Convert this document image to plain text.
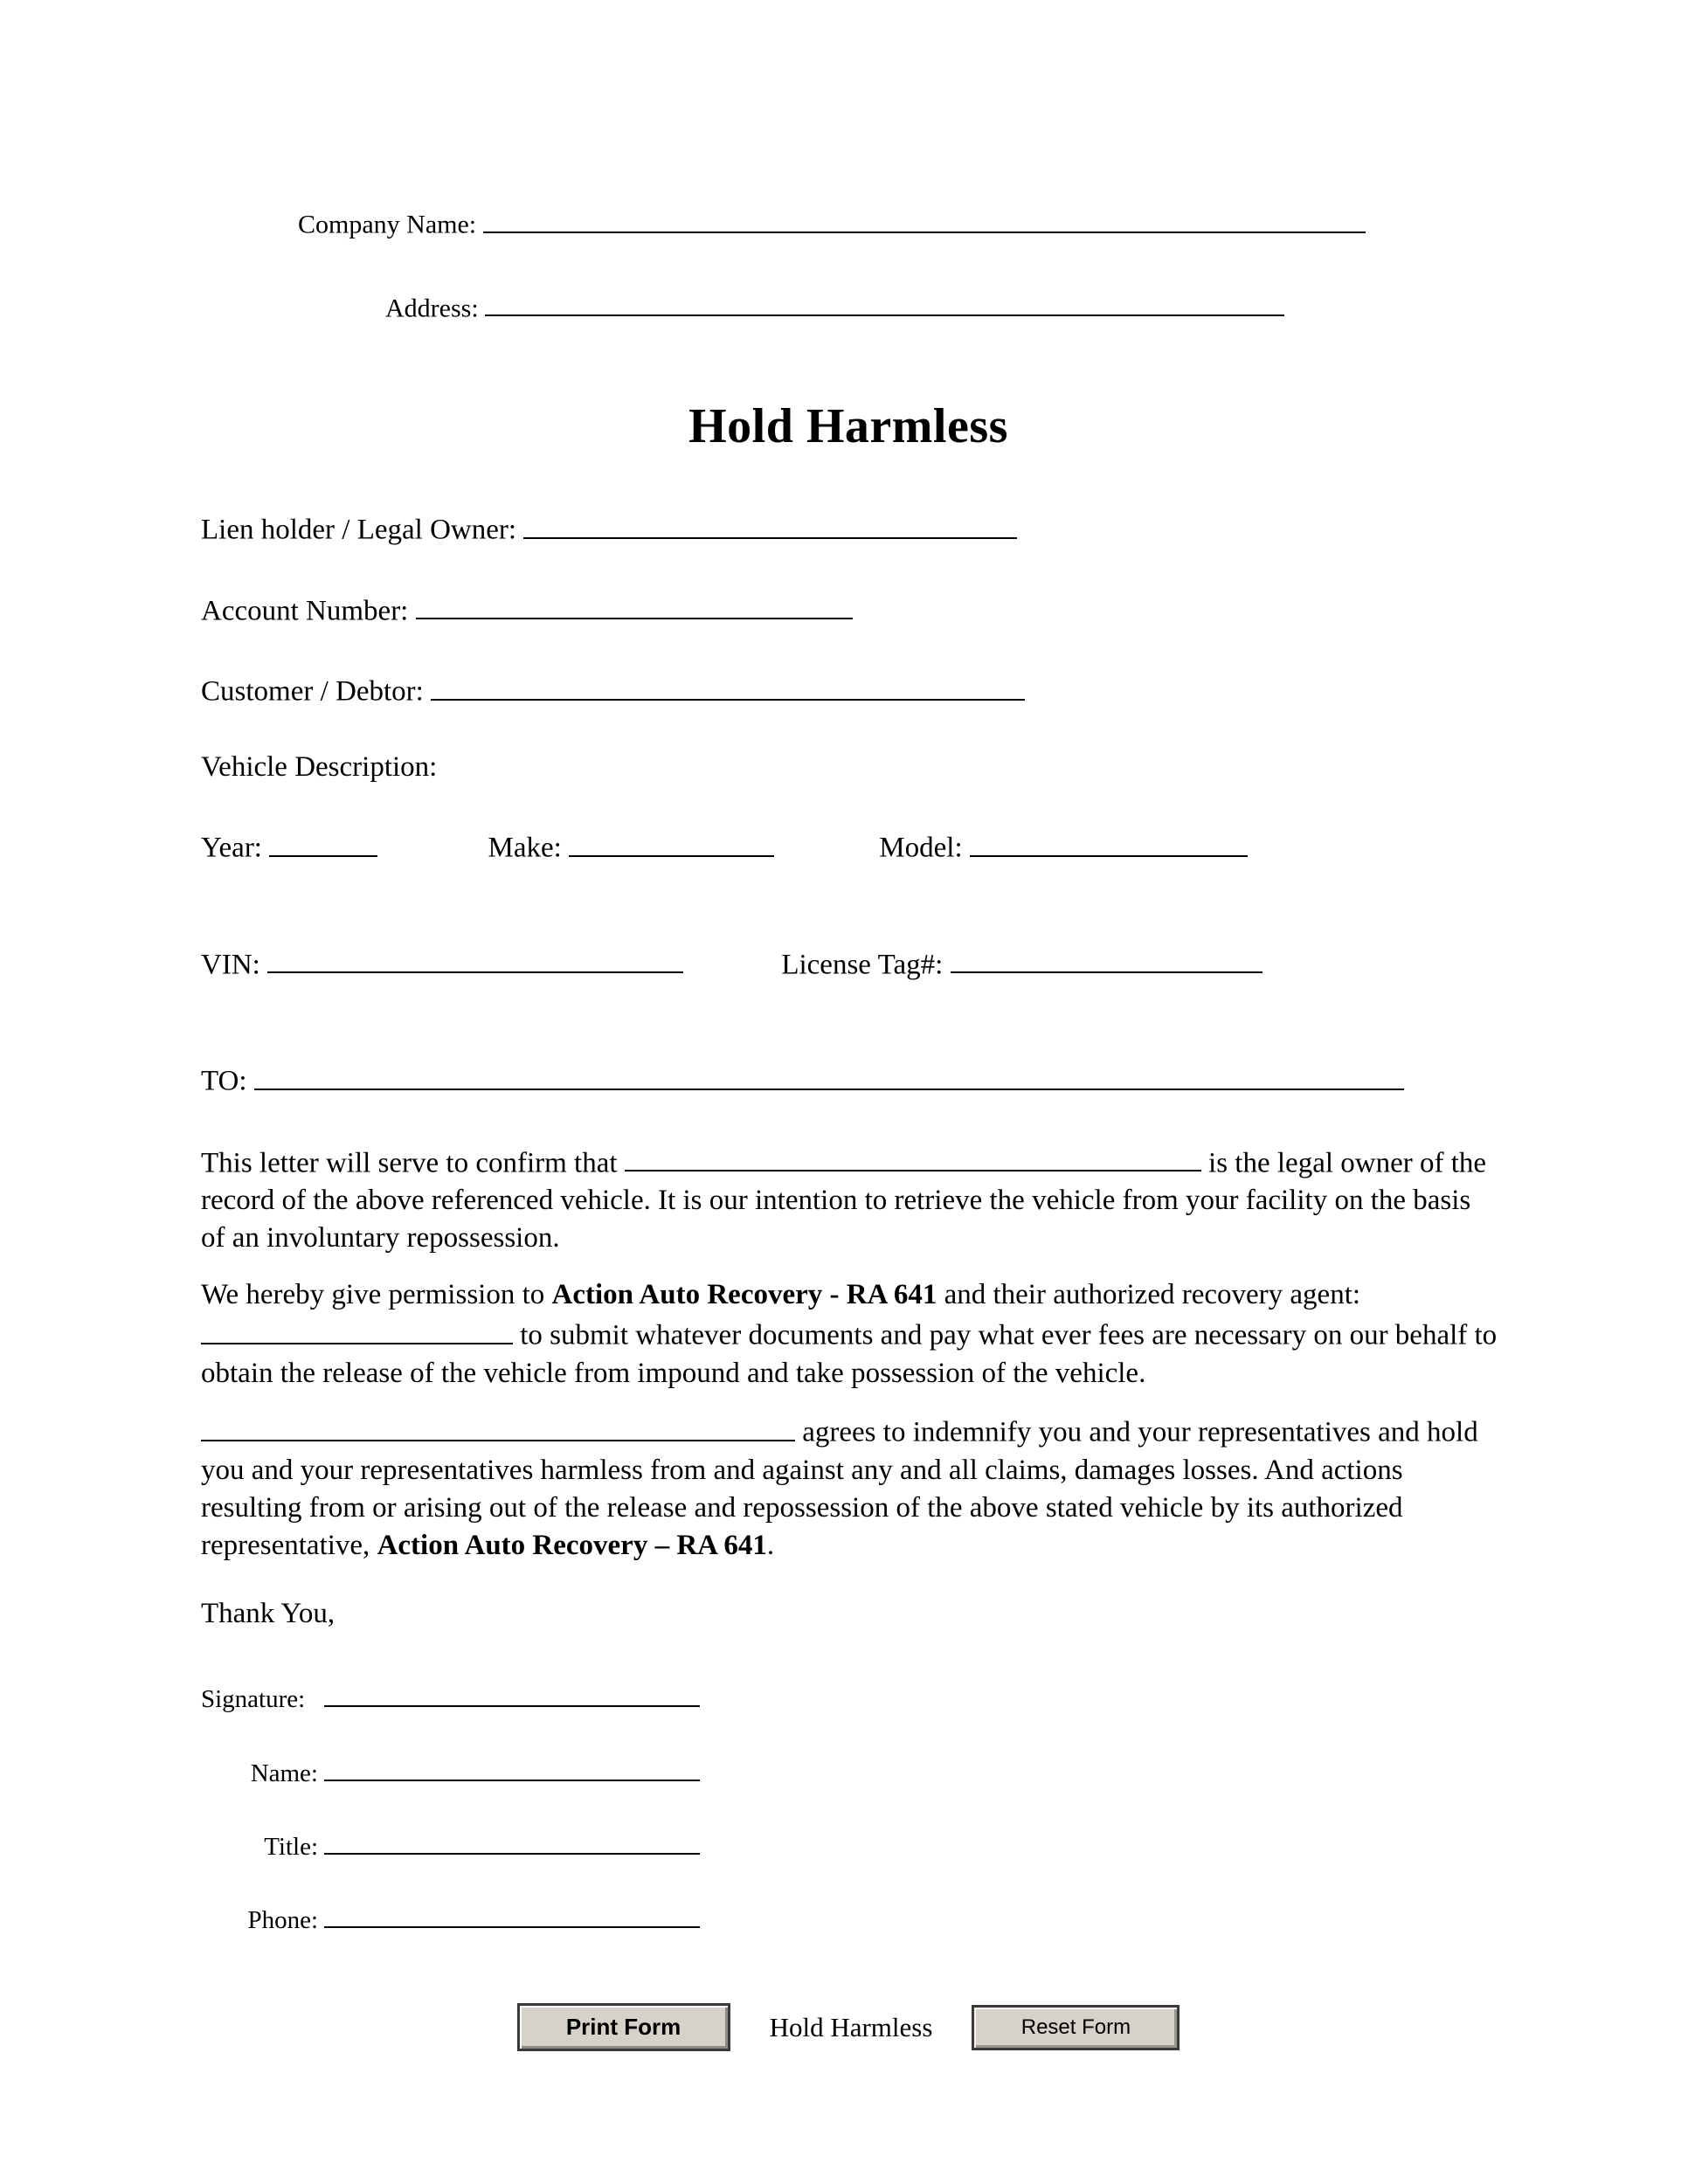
Company Name:
Address:
Hold Harmless
Lien holder / Legal Owner:
Account Number:
Customer / Debtor:
Vehicle Description:
Year:	Make:	Model:
VIN:	License Tag#:
TO:
This letter will serve to confirm that	is the legal owner of the record of the above referenced vehicle. It is our intention to retrieve the vehicle from your facility on the basis of an involuntary repossession.
We hereby give permission to Action Auto Recovery - RA 641 and their authorized recovery agent:  to submit whatever documents and pay what ever fees are necessary on our behalf to obtain the release of the vehicle from impound and take possession of the vehicle.
agrees to indemnify you and your representatives and hold you and your representatives harmless from and against any and all claims, damages losses. And actions resulting from or arising out of the release and repossession of the above stated vehicle by its authorized representative, Action Auto Recovery – RA 641.
Thank You,
Signature:
Name:
Title:
Phone:
Print Form	Hold Harmless	Reset Form
